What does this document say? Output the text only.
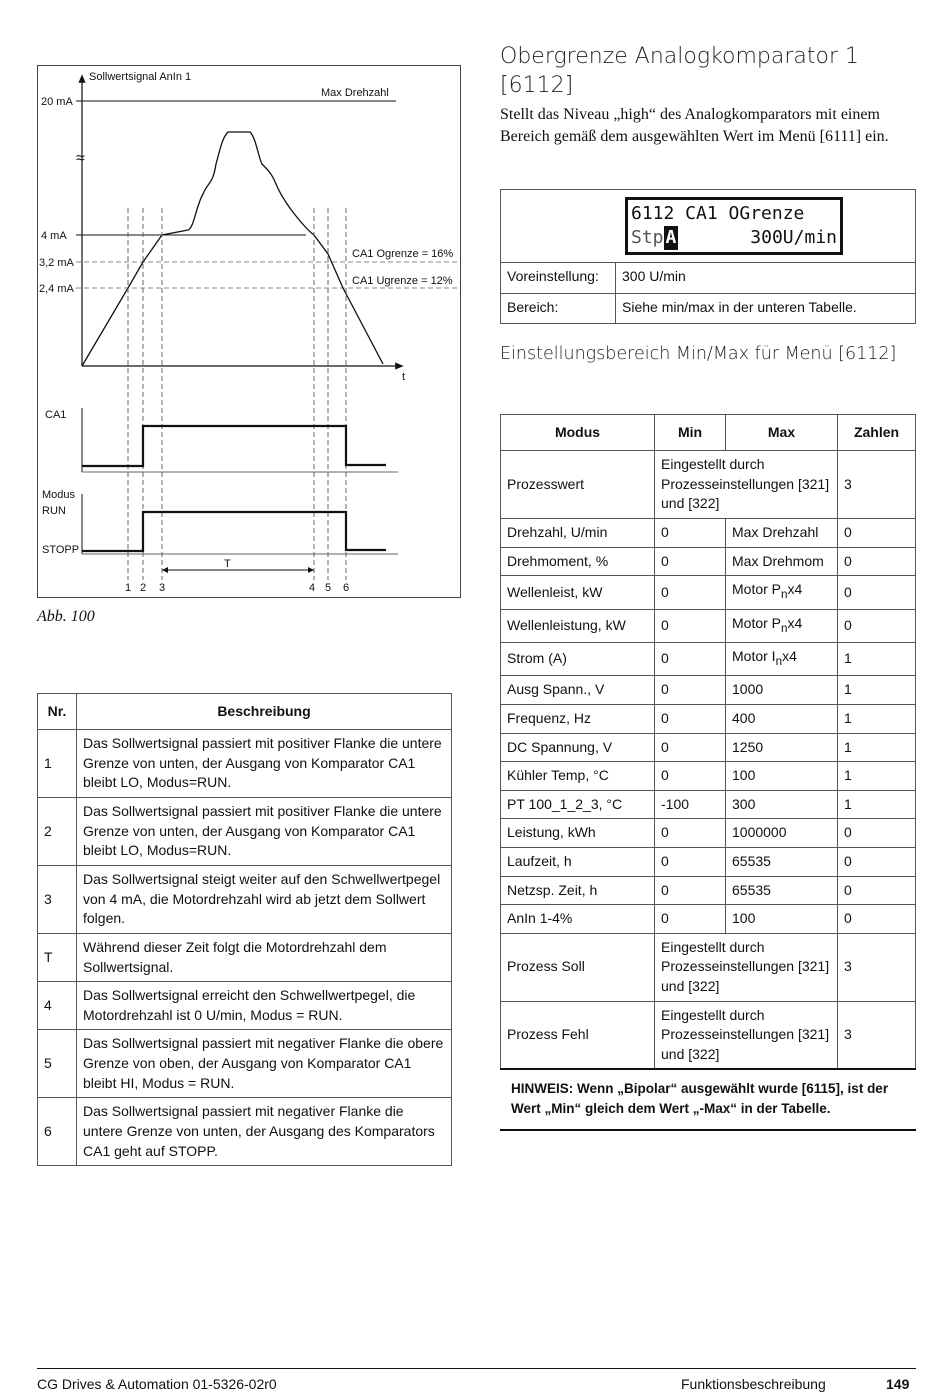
≈
Sollwertsignal AnIn 1
Max Drehzahl
20 mA
4 mA
3,2 mA
2,4 mA
CA1 Ogrenze = 16%
CA1 Ugrenze = 12%
t
CA1
Modus
RUN
STOPP
T
1 2 3	4 5 6
Abb. 100
Nr.	Beschreibung
1	Das Sollwertsignal passiert mit positiver Flanke die untere Grenze von unten, der Ausgang von Komparator CA1 bleibt LO, Modus=RUN.
2	Das Sollwertsignal passiert mit positiver Flanke die untere Grenze von unten, der Ausgang von Komparator CA1 bleibt LO, Modus=RUN.
3	Das Sollwertsignal steigt weiter auf den Schwellwertpegel von 4 mA, die Motordrehzahl wird ab jetzt dem Sollwert folgen.
T	Während dieser Zeit folgt die Motordrehzahl dem Sollwertsignal.
4	Das Sollwertsignal erreicht den Schwellwertpegel, die Motordrehzahl ist 0 U/min, Modus = RUN.
5	Das Sollwertsignal passiert mit negativer Flanke die obere Grenze von oben, der Ausgang von Komparator CA1 bleibt HI, Modus = RUN.
6	Das Sollwertsignal passiert mit negativer Flanke die untere Grenze von unten, der Ausgang des Komparators CA1 geht auf STOPP.
Obergrenze Analogkomparator 1 [6112]
Stellt das Niveau „high“ des Analogkomparators mit einem Bereich gemäß dem ausgewählten Wert im Menü [6111] ein.
6112 CA1 OGrenze
Stp A	300U/min
Voreinstellung:	300 U/min
Bereich:	Siehe min/max in der unteren Tabelle.
Einstellungsbereich Min/Max für Menü [6112]
Modus	Min	Max	Zahlen
Prozesswert	Eingestellt durch Prozesseinstellungen [321] und [322]		3
Drehzahl, U/min	0	Max Drehzahl	0
Drehmoment, %	0	Max Drehmom	0
Wellenleist, kW	0	Motor $P_nx4$	0
Wellenleistung, kW	0	Motor $P_nx4$	0
Strom (A)	0	Motor $I_nx4$	1
Ausg Spann., V	0	1000	1
Frequenz, Hz	0	400	1
DC Spannung, V	0	1250	1
Kühler Temp, °C	0	100	1
PT 100_1_2_3, °C	-100	300	1
Leistung, kWh	0	1000000	0
Laufzeit, h	0	65535	0
Netzsp. Zeit, h	0	65535	0
AnIn 1-4%	0	100	0
Prozess Soll	Eingestellt durch Prozesseinstellungen [321] und [322]		3
Prozess Fehl	Eingestellt durch Prozesseinstellungen [321] und [322]		3
HINWEIS: Wenn „Bipolar“ ausgewählt wurde [6115], ist der Wert „Min“ gleich dem Wert „-Max“ in der Tabelle.
CG Drives & Automation 01-5326-02r0	Funktionsbeschreibung	149
